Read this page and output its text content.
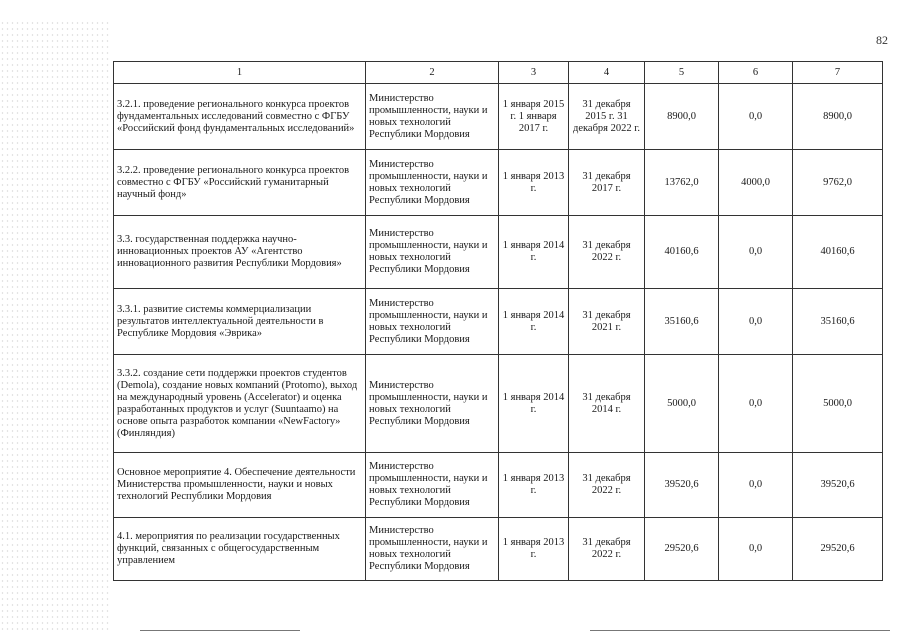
82
1	2	3	4	5	6	7
3.2.1. проведение регионального конкурса проектов фундаментальных исследований совместно с ФГБУ «Российский фонд фундаментальных исследований»	Министерство промышленности, науки и новых технологий Республики Мордовия	1 января 2015 г. 1 января 2017 г.	31 декабря 2015 г. 31 декабря 2022 г.	8900,0	0,0	8900,0
3.2.2. проведение регионального конкурса проектов совместно с ФГБУ «Российский гуманитарный научный фонд»	Министерство промышленности, науки и новых технологий Республики Мордовия	1 января 2013 г.	31 декабря 2017 г.	13762,0	4000,0	9762,0
3.3. государственная поддержка научно-инновационных проектов АУ «Агентство инновационного развития Республики Мордовия»	Министерство промышленности, науки и новых технологий Республики Мордовия	1 января 2014 г.	31 декабря 2022 г.	40160,6	0,0	40160,6
3.3.1. развитие системы коммерциализации результатов интеллектуальной деятельности в Республике Мордовия «Эврика»	Министерство промышленности, науки и новых технологий Республики Мордовия	1 января 2014 г.	31 декабря 2021 г.	35160,6	0,0	35160,6
3.3.2. создание сети поддержки проектов студентов (Demola), создание новых компаний (Protomo), выход на международный уровень (Accelerator) и оценка разработанных продуктов и услуг (Suuntaamo) на основе опыта разработок компании «NewFactory» (Финляндия)	Министерство промышленности, науки и новых технологий Республики Мордовия	1 января 2014 г.	31 декабря 2014 г.	5000,0	0,0	5000,0
Основное мероприятие 4. Обеспечение деятельности Министерства промышленности, науки и новых технологий Республики Мордовия	Министерство промышленности, науки и новых технологий Республики Мордовия	1 января 2013 г.	31 декабря 2022 г.	39520,6	0,0	39520,6
4.1. мероприятия по реализации государственных функций, связанных с общегосударственным управлением	Министерство промышленности, науки и новых технологий Республики Мордовия	1 января 2013 г.	31 декабря 2022 г.	29520,6	0,0	29520,6
